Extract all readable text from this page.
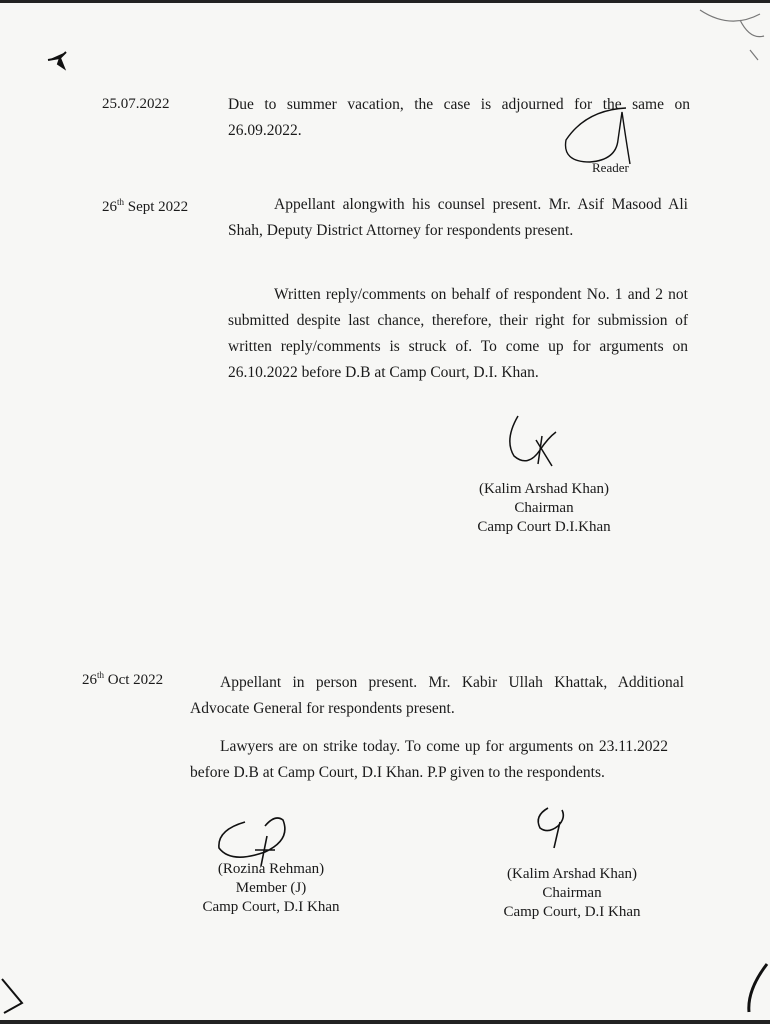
25.07.2022	Due to summer vacation, the case is adjourned for the same on 26.09.2022.

Reader
26th Sept 2022	Appellant alongwith his counsel present. Mr. Asif Masood Ali Shah, Deputy District Attorney for respondents present.

Written reply/comments on behalf of respondent No. 1 and 2 not submitted despite last chance, therefore, their right for submission of written reply/comments is struck of. To come up for arguments on 26.10.2022 before D.B at Camp Court, D.I. Khan.

(Kalim Arshad Khan)
Chairman
Camp Court D.I.Khan
26th Oct 2022	Appellant in person present. Mr. Kabir Ullah Khattak, Additional Advocate General for respondents present.

Lawyers are on strike today. To come up for arguments on 23.11.2022 before D.B at Camp Court, D.I Khan. P.P given to the respondents.

(Rozina Rehman)
Member (J)
Camp Court, D.I Khan
(Kalim Arshad Khan)
Chairman
Camp Court, D.I Khan
